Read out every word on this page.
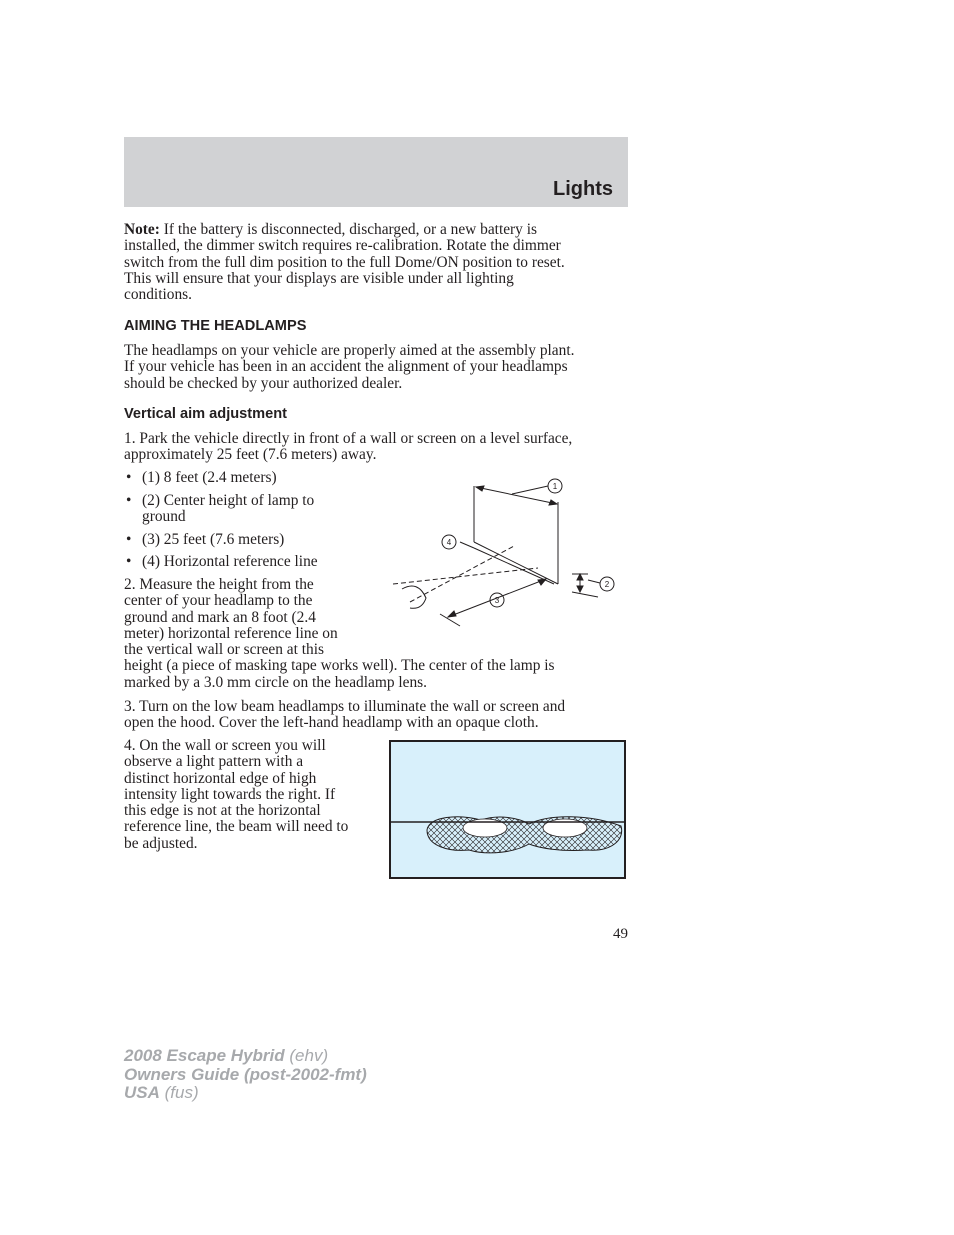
Lights
Note: If the battery is disconnected, discharged, or a new battery is
installed, the dimmer switch requires re-calibration. Rotate the dimmer
switch from the full dim position to the full Dome/ON position to reset.
This will ensure that your displays are visible under all lighting
conditions.
AIMING THE HEADLAMPS
The headlamps on your vehicle are properly aimed at the assembly plant.
If your vehicle has been in an accident the alignment of your headlamps
should be checked by your authorized dealer.
Vertical aim adjustment
1. Park the vehicle directly in front of a wall or screen on a level surface,
approximately 25 feet (7.6 meters) away.
• (1) 8 feet (2.4 meters)
• (2) Center height of lamp to
ground
• (3) 25 feet (7.6 meters)
• (4) Horizontal reference line
2. Measure the height from the
center of your headlamp to the
ground and mark an 8 foot (2.4
meter) horizontal reference line on
the vertical wall or screen at this
height (a piece of masking tape works well). The center of the lamp is
marked by a 3.0 mm circle on the headlamp lens.
1
2
3
4
3. Turn on the low beam headlamps to illuminate the wall or screen and
open the hood. Cover the left-hand headlamp with an opaque cloth.
4. On the wall or screen you will
observe a light pattern with a
distinct horizontal edge of high
intensity light towards the right. If
this edge is not at the horizontal
reference line, the beam will need to
be adjusted.
49
2008 Escape Hybrid (ehv)
Owners Guide (post-2002-fmt)
USA (fus)
